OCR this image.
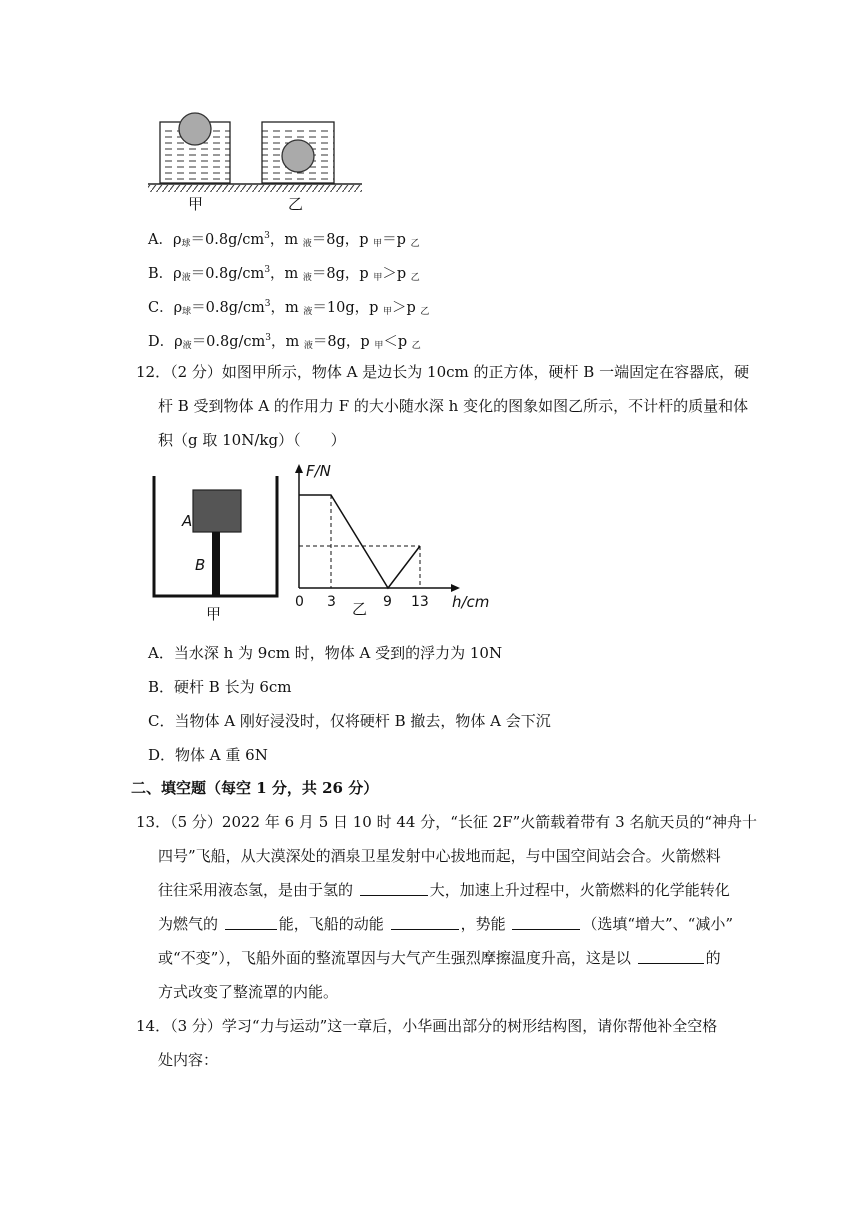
甲	乙
A．$\rho_球=0.8g/cm^3$，m $_液$＝8g，p $_甲$＝p $_乙$
B．$\rho_液=0.8g/cm^3$，m $_液$＝8g，p $_甲$＞p $_乙$
C．$\rho_球=0.8g/cm^3$，m $_液$＝10g，p $_甲$＞p $_乙$
D．$\rho_液=0.8g/cm^3$，m $_液$＝8g，p $_甲$＜p $_乙$
12．（2 分）如图甲所示，物体 A 是边长为 10cm 的正方体，硬杆 B 一端固定在容器底，硬
杆 B 受到物体 A 的作用力 F 的大小随水深 h 变化的图象如图乙所示，不计杆的质量和体
积（g 取 10N/kg）（　　）
A
B
甲
F/N
0 3 乙 9 13 h/cm
A．当水深 h 为 9cm 时，物体 A 受到的浮力为 10N
B．硬杆 B 长为 6cm
C．当物体 A 刚好浸没时，仅将硬杆 B 撤去，物体 A 会下沉
D．物体 A 重 6N
二、填空题（每空 1 分，共 26 分）
13．（5 分）2022 年 6 月 5 日 10 时 44 分，“长征 2F”火箭载着带有 3 名航天员的“神舟十
四号”飞船，从大漠深处的酒泉卫星发射中心拔地而起，与中国空间站会合。火箭燃料
往往采用液态氢，是由于氢的	大，加速上升过程中，火箭燃料的化学能转化
为燃气的	能，飞船的动能	，势能	（选填“增大”、“减小”
或“不变”），飞船外面的整流罩因与大气产生强烈摩擦温度升高，这是以	的
方式改变了整流罩的内能。
14．（3 分）学习“力与运动”这一章后，小华画出部分的树形结构图，请你帮他补全空格
处内容：
